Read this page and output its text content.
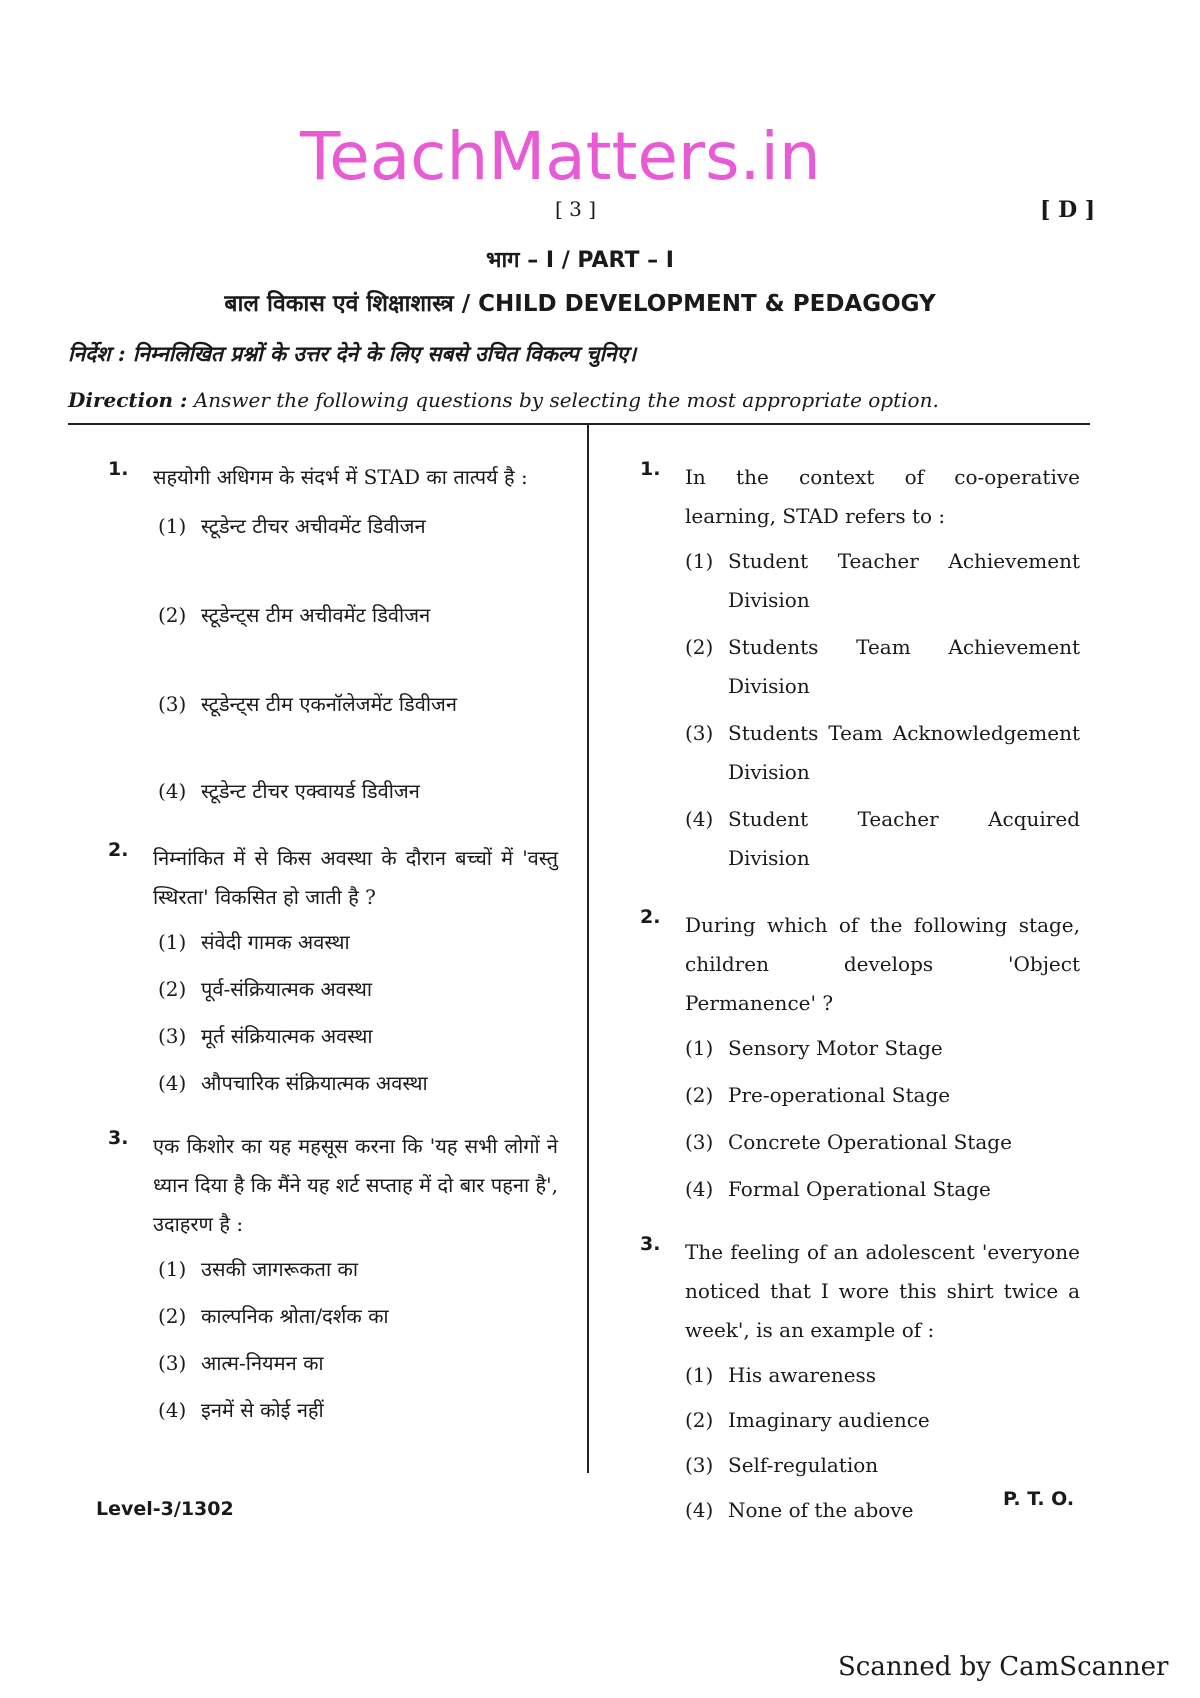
TeachMatters.in
[ 3 ]	[ D ]
भाग – I / PART – I
बाल विकास एवं शिक्षाशास्त्र / CHILD DEVELOPMENT & PEDAGOGY
निर्देश : निम्नलिखित प्रश्नों के उत्तर देने के लिए सबसे उचित विकल्प चुनिए।
Direction : Answer the following questions by selecting the most appropriate option.
1. सहयोगी अधिगम के संदर्भ में STAD का तात्पर्य है :
(1) स्टूडेन्ट टीचर अचीवमेंट डिवीजन
(2) स्टूडेन्ट्स टीम अचीवमेंट डिवीजन
(3) स्टूडेन्ट्स टीम एकनॉलेजमेंट डिवीजन
(4) स्टूडेन्ट टीचर एक्वायर्ड डिवीजन
2. निम्नांकित में से किस अवस्था के दौरान बच्चों में 'वस्तु स्थिरता' विकसित हो जाती है ?
(1) संवेदी गामक अवस्था
(2) पूर्व-संक्रियात्मक अवस्था
(3) मूर्त संक्रियात्मक अवस्था
(4) औपचारिक संक्रियात्मक अवस्था
3. एक किशोर का यह महसूस करना कि 'यह सभी लोगों ने ध्यान दिया है कि मैंने यह शर्ट सप्ताह में दो बार पहना है', उदाहरण है :
(1) उसकी जागरूकता का
(2) काल्पनिक श्रोता/दर्शक का
(3) आत्म-नियमन का
(4) इनमें से कोई नहीं
1. In the context of co-operative learning, STAD refers to :
(1) Student Teacher Achievement Division
(2) Students Team Achievement Division
(3) Students Team Acknowledgement Division
(4) Student Teacher Acquired Division
2. During which of the following stage, children develops 'Object Permanence' ?
(1) Sensory Motor Stage
(2) Pre-operational Stage
(3) Concrete Operational Stage
(4) Formal Operational Stage
3. The feeling of an adolescent 'everyone noticed that I wore this shirt twice a week', is an example of :
(1) His awareness
(2) Imaginary audience
(3) Self-regulation
(4) None of the above
Level-3/1302	P. T. O.
Scanned by CamScanner
